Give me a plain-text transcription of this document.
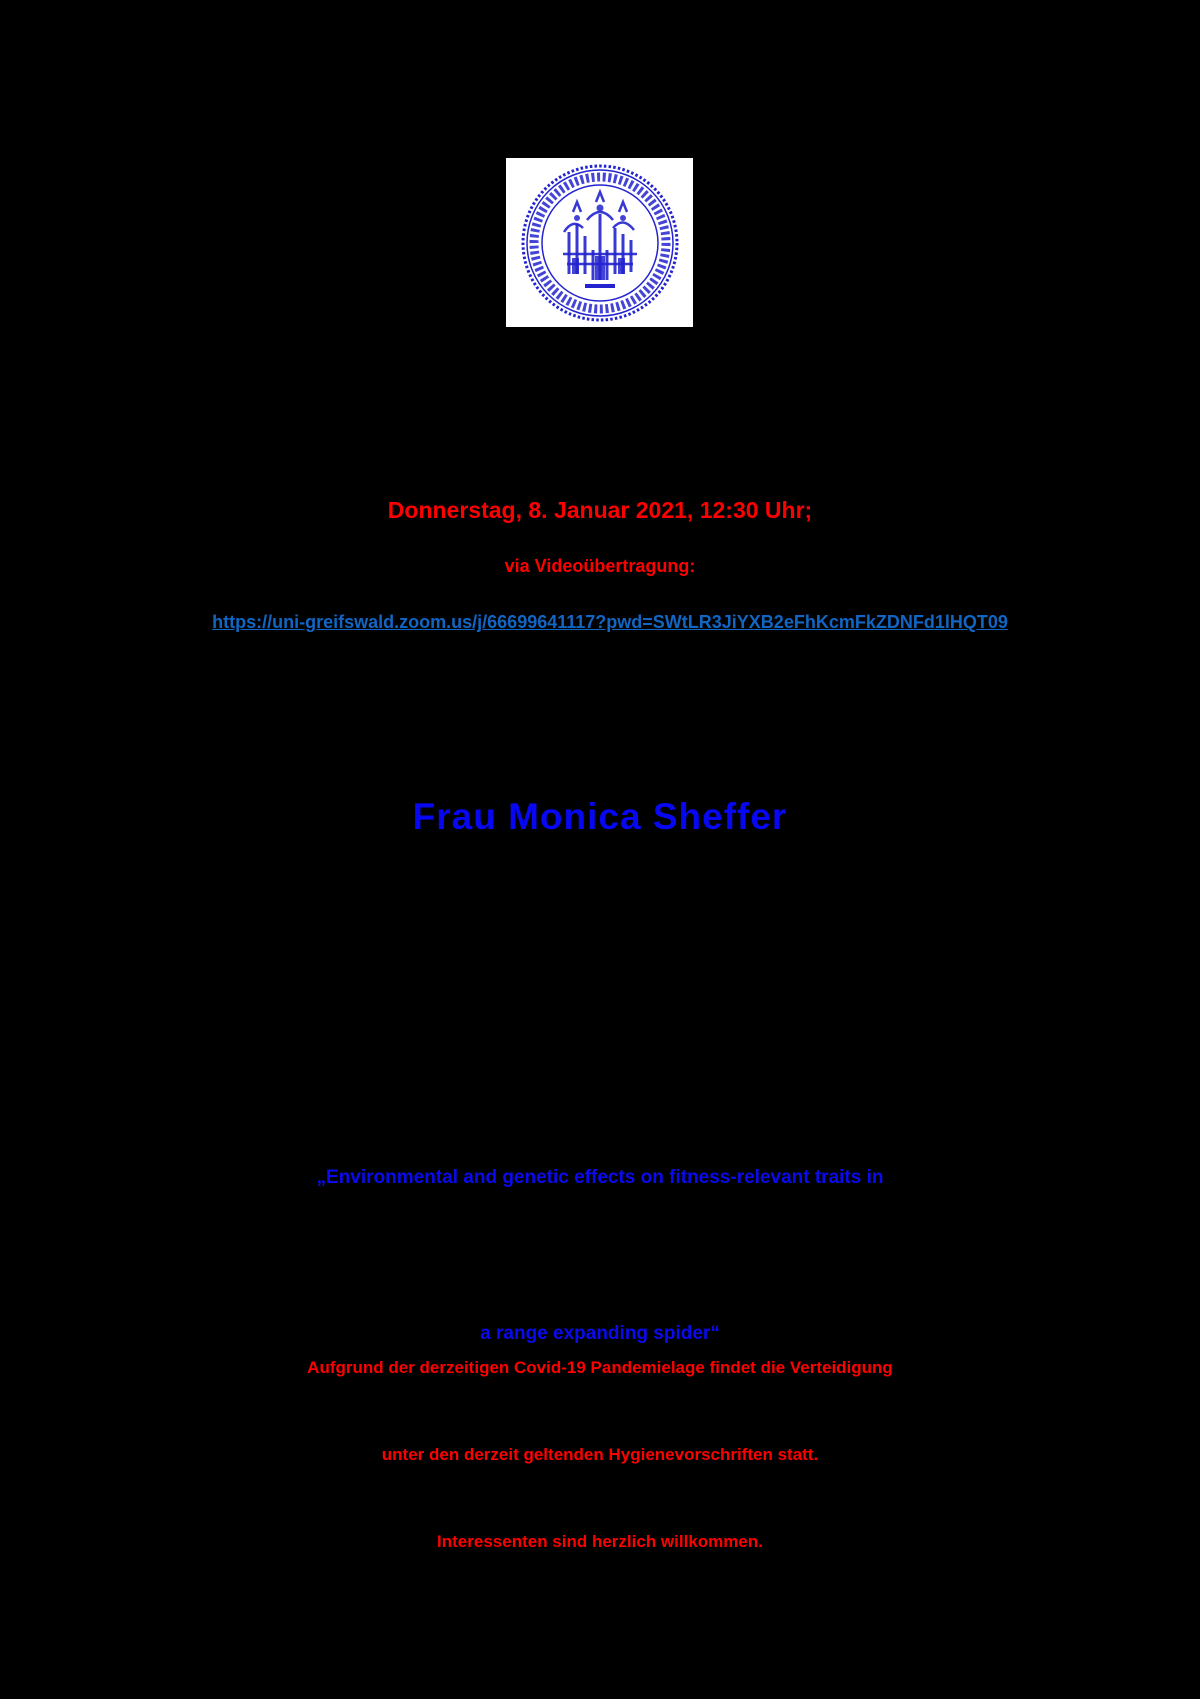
Donnerstag, 8. Januar 2021, 12:30 Uhr;
via Videoübertragung:

https://uni-greifswald.zoom.us/j/66699641117?pwd=SWtLR3JiYXB2eFhKcmFkZDNFd1lHQT09

Frau Monica Sheffer

„Environmental and genetic effects on fitness-relevant traits in

a range expanding spider“

Aufgrund der derzeitigen Covid-19 Pandemielage findet die Verteidigung

unter den derzeit geltenden Hygienevorschriften statt.

Interessenten sind herzlich willkommen.
